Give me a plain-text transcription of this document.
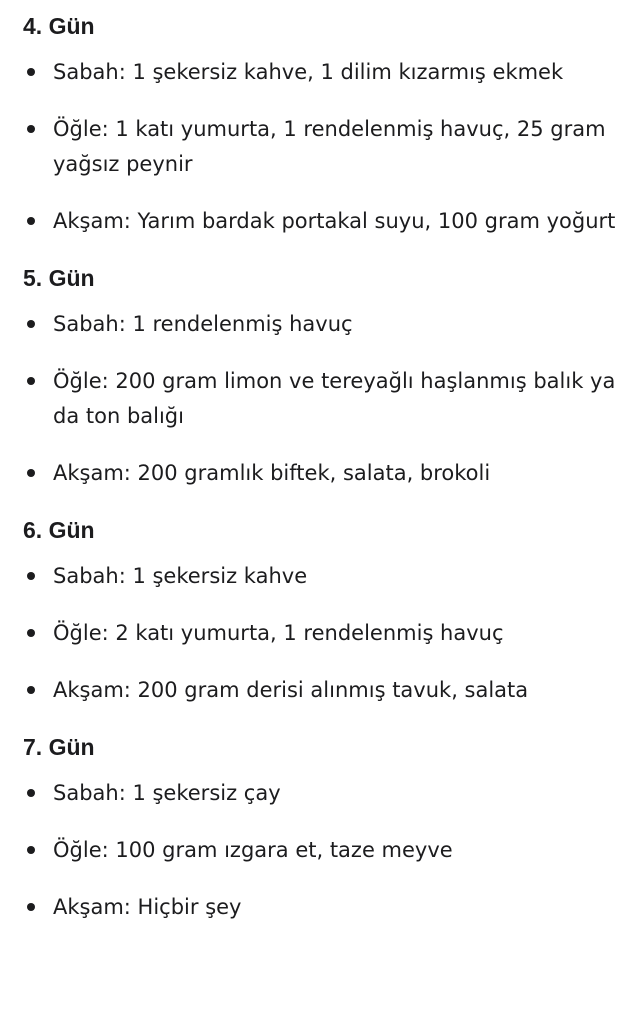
4. Gün
Sabah: 1 şekersiz kahve, 1 dilim kızarmış ekmek
Öğle: 1 katı yumurta, 1 rendelenmiş havuç, 25 gram yağsız peynir
Akşam: Yarım bardak portakal suyu, 100 gram yoğurt
5. Gün
Sabah: 1 rendelenmiş havuç
Öğle: 200 gram limon ve tereyağlı haşlanmış balık ya da ton balığı
Akşam: 200 gramlık biftek, salata, brokoli
6. Gün
Sabah: 1 şekersiz kahve
Öğle: 2 katı yumurta, 1 rendelenmiş havuç
Akşam: 200 gram derisi alınmış tavuk, salata
7. Gün
Sabah: 1 şekersiz çay
Öğle: 100 gram ızgara et, taze meyve
Akşam: Hiçbir şey
